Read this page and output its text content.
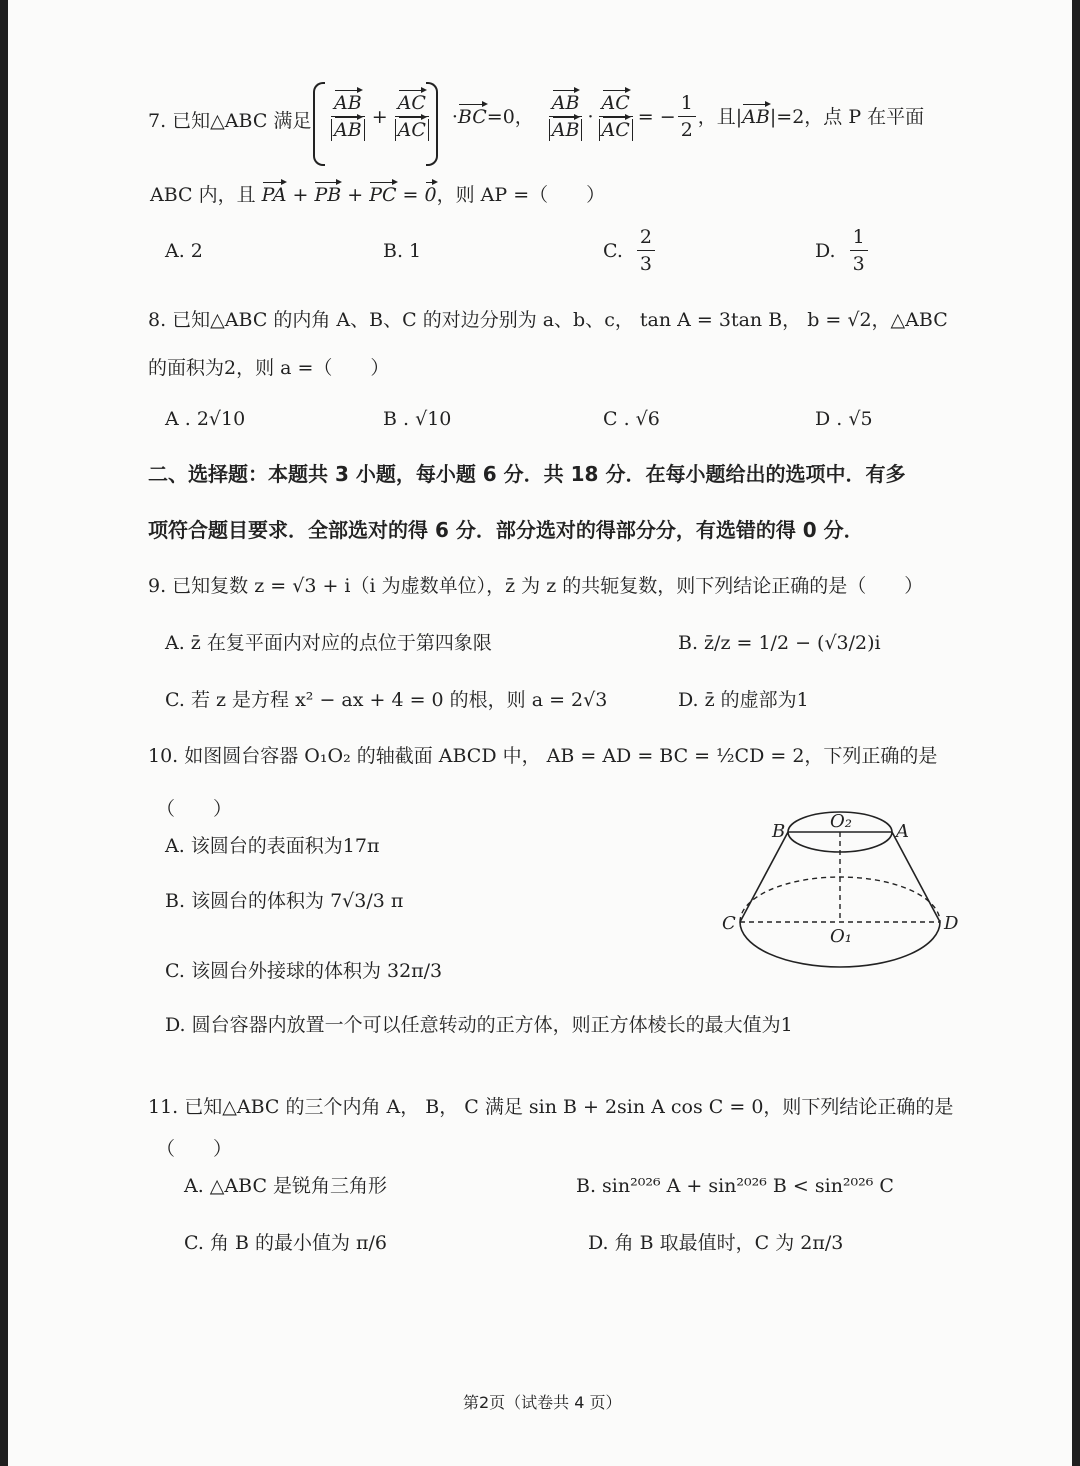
7. 已知△ABC 满足 $\frac{AB}{AB} + \frac{AC}{AC}$ · BC =0， $\frac{AB}{AB} \cdot \frac{AC}{AC}$ = − $\frac{1}{2}$ ，且| AB |=2，点 P 在平面
ABC 内，且 PA + PB + PC = 0，则 AP =（　　）
A. 2	B. 1	C. $\frac{2}{3}$	D. $\frac{1}{3}$
8. 已知△ABC 的内角 A、B、C 的对边分别为 a、b、c， tan A = 3tan B， b = √2，△ABC
的面积为2，则 a =（　　）
A . 2√10	B . √10	C . √6	D . √5
二、选择题：本题共 3 小题，每小题 6 分．共 18 分．在每小题给出的选项中．有多
项符合题目要求．全部选对的得 6 分．部分选对的得部分分，有选错的得 0 分．
9. 已知复数 z = √3 + i（i 为虚数单位），z̄ 为 z 的共轭复数，则下列结论正确的是（　　）
A. z̄ 在复平面内对应的点位于第四象限	B. z̄/z = 1/2 − (√3/2)i
C. 若 z 是方程 x² − ax + 4 = 0 的根，则 a = 2√3	D. z̄ 的虚部为1
10. 如图圆台容器 O₁O₂ 的轴截面 ABCD 中， AB = AD = BC = ½CD = 2，下列正确的是
（　　）
A. 该圆台的表面积为17π
B. 该圆台的体积为 7√3/3 π
C. 该圆台外接球的体积为 32π/3
D. 圆台容器内放置一个可以任意转动的正方体，则正方体棱长的最大值为1
B	A
O₂
C	D
O₁
11. 已知△ABC 的三个内角 A， B， C 满足 sin B + 2sin A cos C = 0，则下列结论正确的是
（　　）
A. △ABC 是锐角三角形	B. sin²⁰²⁶ A + sin²⁰²⁶ B < sin²⁰²⁶ C
C. 角 B 的最小值为 π/6	D. 角 B 取最值时，C 为 2π/3
第2页（试卷共 4 页）
